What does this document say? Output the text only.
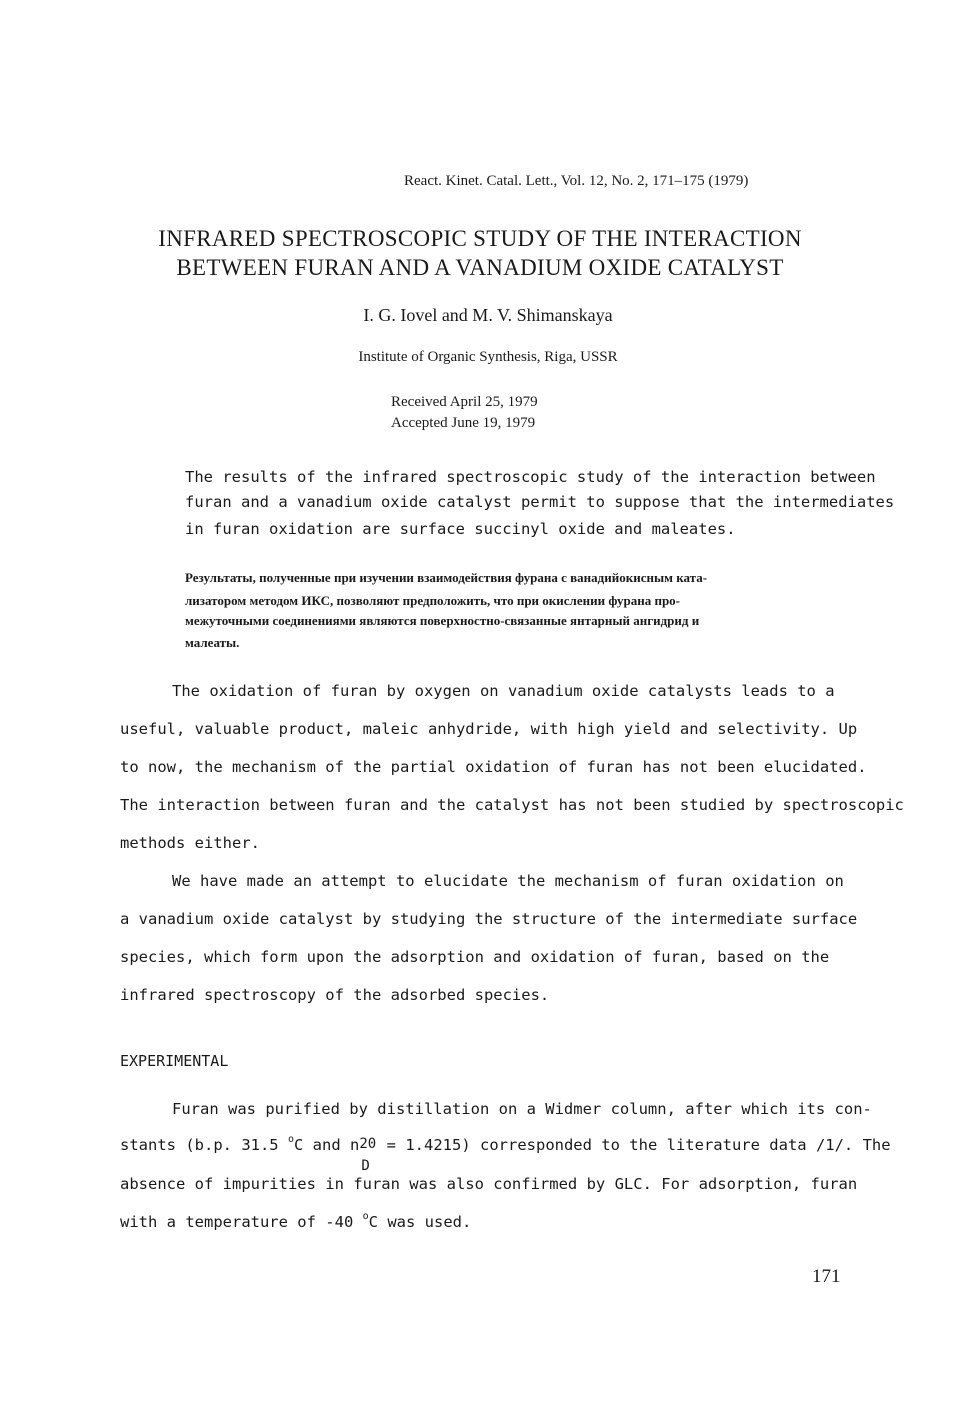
React. Kinet. Catal. Lett., Vol. 12, No. 2, 171–175 (1979)
INFRARED SPECTROSCOPIC STUDY OF THE INTERACTION
BETWEEN FURAN AND A VANADIUM OXIDE CATALYST
I. G. Iovel and M. V. Shimanskaya
Institute of Organic Synthesis, Riga, USSR
Received April 25, 1979
Accepted June 19, 1979
The results of the infrared spectroscopic study of the interaction between
furan and a vanadium oxide catalyst permit to suppose that the intermediates
in furan oxidation are surface succinyl oxide and maleates.
Результаты, полученные при изучении взаимодействия фурана с ванадийокисным ката-
лизатором методом ИКС, позволяют предположить, что при окислении фурана про-
межуточными соединениями являются поверхностно-связанные янтарный ангидрид и
малеаты.
The oxidation of furan by oxygen on vanadium oxide catalysts leads to a
useful, valuable product, maleic anhydride, with high yield and selectivity. Up
to now, the mechanism of the partial oxidation of furan has not been elucidated.
The interaction between furan and the catalyst has not been studied by spectroscopic
methods either.
We have made an attempt to elucidate the mechanism of furan oxidation on
a vanadium oxide catalyst by studying the structure of the intermediate surface
species, which form upon the adsorption and oxidation of furan, based on the
infrared spectroscopy of the adsorbed species.
EXPERIMENTAL
Furan was purified by distillation on a Widmer column, after which its con-
stants (b.p. 31.5 $^o$C and n 20
D
= 1.4215) corresponded to the literature data /1/. The
absence of impurities in furan was also confirmed by GLC. For adsorption, furan
with a temperature of -40 $^o$C was used.
171
